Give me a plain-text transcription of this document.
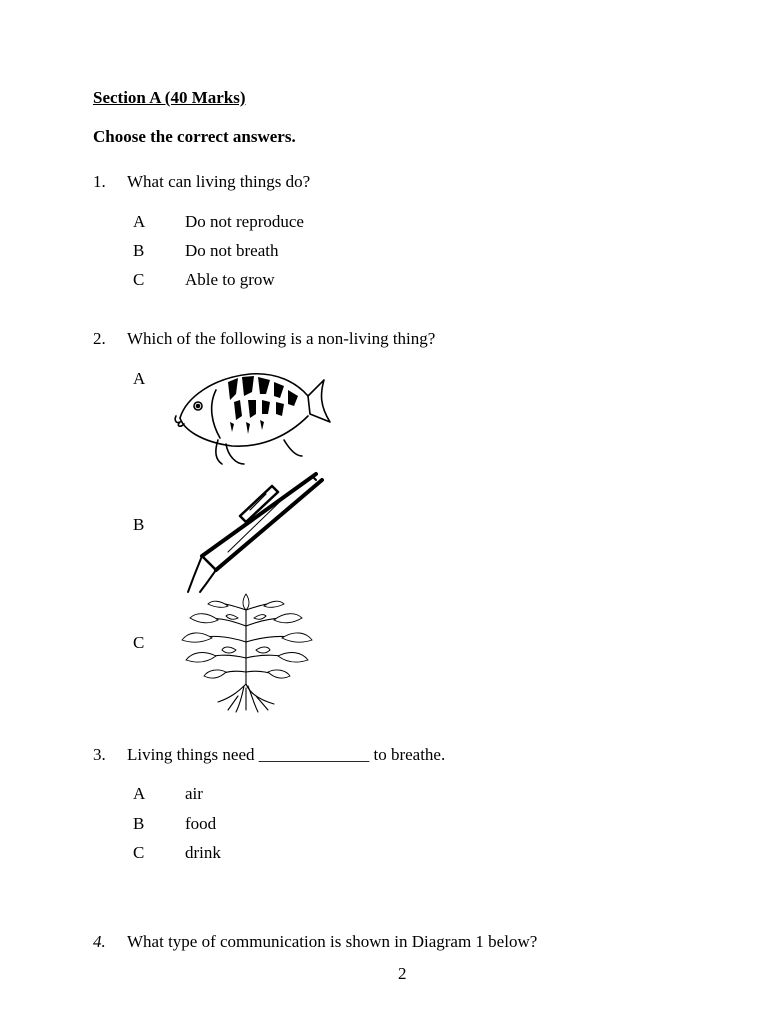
Section A (40 Marks)
Choose the correct answers.
1. What can living things do?
A Do not reproduce
B Do not breath
C Able to grow
2. Which of the following is a non-living thing?
A
B
C
3. Living things need _____________ to breathe.
A air
B food
C drink
4. What type of communication is shown in Diagram 1 below?
2
